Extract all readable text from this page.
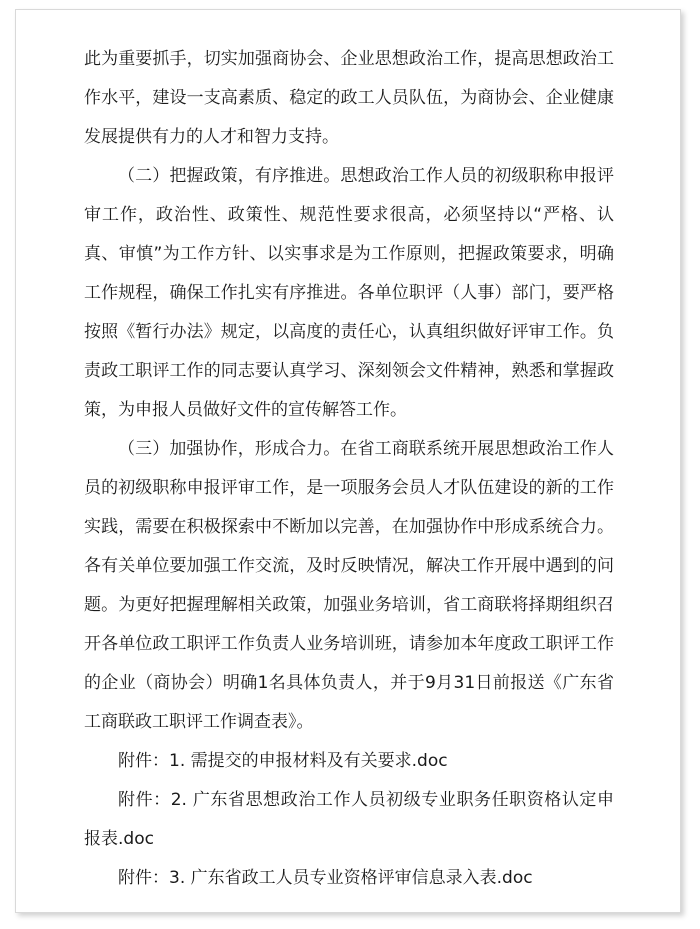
此为重要抓手，切实加强商协会、企业思想政治工作，提高思想政治工作水平，建设一支高素质、稳定的政工人员队伍，为商协会、企业健康发展提供有力的人才和智力支持。

（二）把握政策，有序推进。思想政治工作人员的初级职称申报评审工作，政治性、政策性、规范性要求很高，必须坚持以“严格、认真、审慎”为工作方针、以实事求是为工作原则，把握政策要求，明确工作规程，确保工作扎实有序推进。各单位职评（人事）部门，要严格按照《暂行办法》规定，以高度的责任心，认真组织做好评审工作。负责政工职评工作的同志要认真学习、深刻领会文件精神，熟悉和掌握政策，为申报人员做好文件的宣传解答工作。

（三）加强协作，形成合力。在省工商联系统开展思想政治工作人员的初级职称申报评审工作，是一项服务会员人才队伍建设的新的工作实践，需要在积极探索中不断加以完善，在加强协作中形成系统合力。各有关单位要加强工作交流，及时反映情况，解决工作开展中遇到的问题。为更好把握理解相关政策，加强业务培训，省工商联将择期组织召开各单位政工职评工作负责人业务培训班，请参加本年度政工职评工作的企业（商协会）明确1名具体负责人，并于9月31日前报送《广东省工商联政工职评工作调查表》。

附件：1. 需提交的申报材料及有关要求.doc

附件：2. 广东省思想政治工作人员初级专业职务任职资格认定申报表.doc

附件：3. 广东省政工人员专业资格评审信息录入表.doc
